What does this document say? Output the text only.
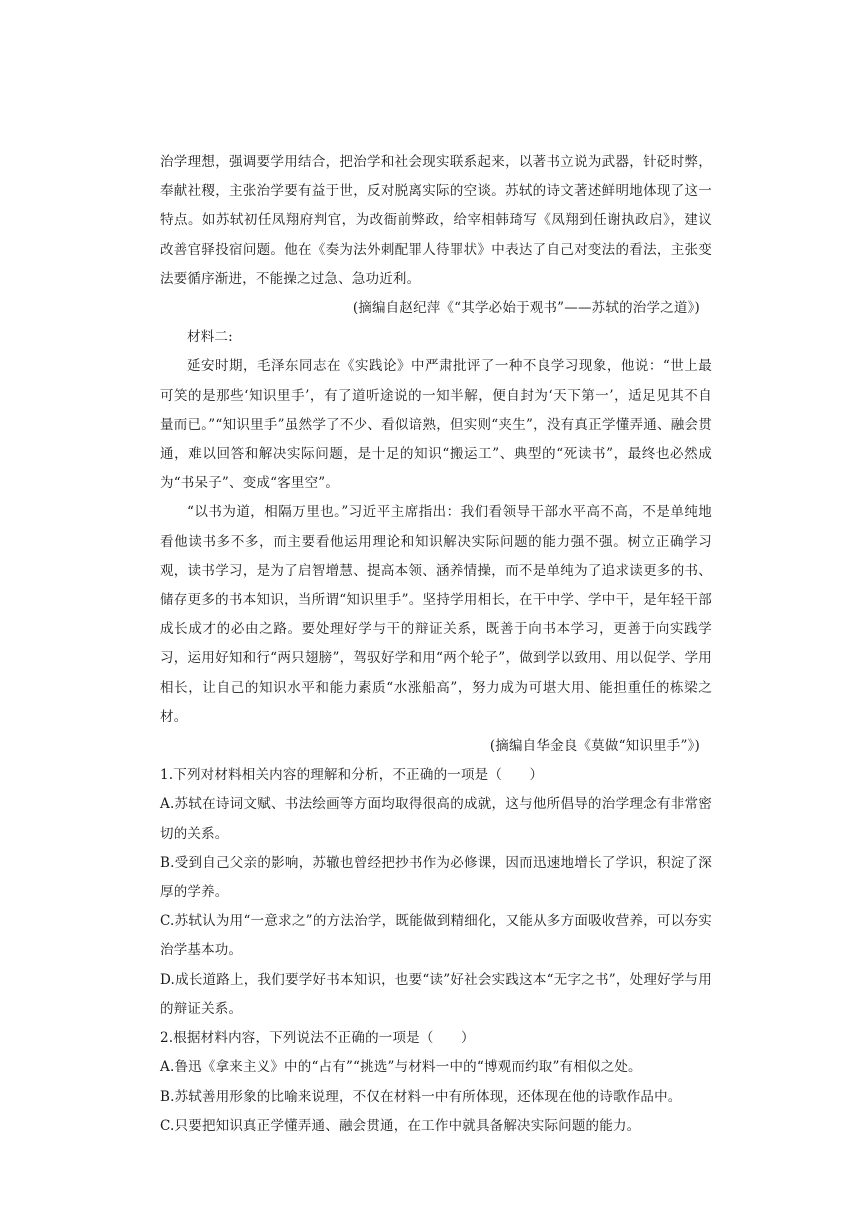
治学理想，强调要学用结合，把治学和社会现实联系起来，以著书立说为武器，针砭时弊，奉献社稷，主张治学要有益于世，反对脱离实际的空谈。苏轼的诗文著述鲜明地体现了这一特点。如苏轼初任凤翔府判官，为改衙前弊政，给宰相韩琦写《凤翔到任谢执政启》，建议改善官驿投宿问题。他在《奏为法外刺配罪人待罪状》中表达了自己对变法的看法，主张变法要循序渐进，不能操之过急、急功近利。

(摘编自赵纪萍《“其学必始于观书”——苏轼的治学之道》)

材料二:

延安时期，毛泽东同志在《实践论》中严肃批评了一种不良学习现象，他说：“世上最可笑的是那些‘知识里手’，有了道听途说的一知半解，便自封为‘天下第一’，适足见其不自量而已。”“知识里手”虽然学了不少、看似谙熟，但实则“夹生”，没有真正学懂弄通、融会贯通，难以回答和解决实际问题，是十足的知识“搬运工”、典型的“死读书”，最终也必然成为“书呆子”、变成“客里空”。

“以书为道，相隔万里也。”习近平主席指出：我们看领导干部水平高不高，不是单纯地看他读书多不多，而主要看他运用理论和知识解决实际问题的能力强不强。树立正确学习观，读书学习，是为了启智增慧、提高本领、涵养情操，而不是单纯为了追求读更多的书、储存更多的书本知识，当所谓“知识里手”。坚持学用相长，在干中学、学中干，是年轻干部成长成才的必由之路。要处理好学与干的辩证关系，既善于向书本学习，更善于向实践学习，运用好知和行“两只翅膀”，驾驭好学和用“两个轮子”，做到学以致用、用以促学、学用相长，让自己的知识水平和能力素质“水涨船高”，努力成为可堪大用、能担重任的栋梁之材。

(摘编自华金良《莫做“知识里手”》)

1.下列对材料相关内容的理解和分析，不正确的一项是（　　）

A.苏轼在诗词文赋、书法绘画等方面均取得很高的成就，这与他所倡导的治学理念有非常密切的关系。

B.受到自己父亲的影响，苏辙也曾经把抄书作为必修课，因而迅速地增长了学识，积淀了深厚的学养。

C.苏轼认为用“一意求之”的方法治学，既能做到精细化，又能从多方面吸收营养，可以夯实治学基本功。

D.成长道路上，我们要学好书本知识，也要“读”好社会实践这本“无字之书”，处理好学与用的辩证关系。

2.根据材料内容，下列说法不正确的一项是（　　）

A.鲁迅《拿来主义》中的“占有”“挑选”与材料一中的“博观而约取”有相似之处。

B.苏轼善用形象的比喻来说理，不仅在材料一中有所体现，还体现在他的诗歌作品中。

C.只要把知识真正学懂弄通、融会贯通，在工作中就具备解决实际问题的能力。
